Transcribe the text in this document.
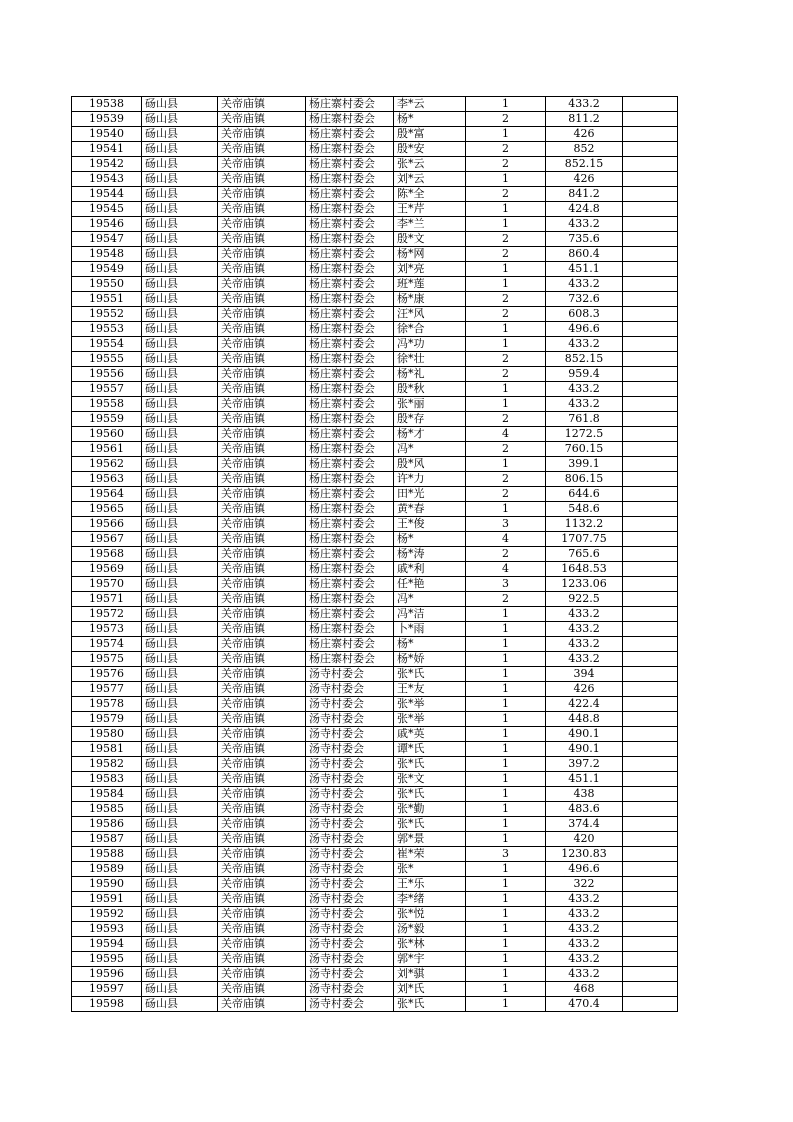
19538	砀山县	关帝庙镇	杨庄寨村委会	李*云	1	433.2	
19539	砀山县	关帝庙镇	杨庄寨村委会	杨*	2	811.2	
19540	砀山县	关帝庙镇	杨庄寨村委会	殷*富	1	426	
19541	砀山县	关帝庙镇	杨庄寨村委会	殷*安	2	852	
19542	砀山县	关帝庙镇	杨庄寨村委会	张*云	2	852.15	
19543	砀山县	关帝庙镇	杨庄寨村委会	刘*云	1	426	
19544	砀山县	关帝庙镇	杨庄寨村委会	陈*全	2	841.2	
19545	砀山县	关帝庙镇	杨庄寨村委会	王*芹	1	424.8	
19546	砀山县	关帝庙镇	杨庄寨村委会	李*兰	1	433.2	
19547	砀山县	关帝庙镇	杨庄寨村委会	殷*文	2	735.6	
19548	砀山县	关帝庙镇	杨庄寨村委会	杨*网	2	860.4	
19549	砀山县	关帝庙镇	杨庄寨村委会	刘*亮	1	451.1	
19550	砀山县	关帝庙镇	杨庄寨村委会	班*莲	1	433.2	
19551	砀山县	关帝庙镇	杨庄寨村委会	杨*康	2	732.6	
19552	砀山县	关帝庙镇	杨庄寨村委会	汪*风	2	608.3	
19553	砀山县	关帝庙镇	杨庄寨村委会	徐*合	1	496.6	
19554	砀山县	关帝庙镇	杨庄寨村委会	冯*功	1	433.2	
19555	砀山县	关帝庙镇	杨庄寨村委会	徐*壮	2	852.15	
19556	砀山县	关帝庙镇	杨庄寨村委会	杨*礼	2	959.4	
19557	砀山县	关帝庙镇	杨庄寨村委会	殷*秋	1	433.2	
19558	砀山县	关帝庙镇	杨庄寨村委会	张*丽	1	433.2	
19559	砀山县	关帝庙镇	杨庄寨村委会	殷*存	2	761.8	
19560	砀山县	关帝庙镇	杨庄寨村委会	杨*才	4	1272.5	
19561	砀山县	关帝庙镇	杨庄寨村委会	冯*	2	760.15	
19562	砀山县	关帝庙镇	杨庄寨村委会	殷*风	1	399.1	
19563	砀山县	关帝庙镇	杨庄寨村委会	许*力	2	806.15	
19564	砀山县	关帝庙镇	杨庄寨村委会	田*光	2	644.6	
19565	砀山县	关帝庙镇	杨庄寨村委会	黄*春	1	548.6	
19566	砀山县	关帝庙镇	杨庄寨村委会	王*俊	3	1132.2	
19567	砀山县	关帝庙镇	杨庄寨村委会	杨*	4	1707.75	
19568	砀山县	关帝庙镇	杨庄寨村委会	杨*涛	2	765.6	
19569	砀山县	关帝庙镇	杨庄寨村委会	戚*利	4	1648.53	
19570	砀山县	关帝庙镇	杨庄寨村委会	任*艳	3	1233.06	
19571	砀山县	关帝庙镇	杨庄寨村委会	冯*	2	922.5	
19572	砀山县	关帝庙镇	杨庄寨村委会	冯*洁	1	433.2	
19573	砀山县	关帝庙镇	杨庄寨村委会	卜*雨	1	433.2	
19574	砀山县	关帝庙镇	杨庄寨村委会	杨*	1	433.2	
19575	砀山县	关帝庙镇	杨庄寨村委会	杨*娇	1	433.2	
19576	砀山县	关帝庙镇	汤寺村委会	张*氏	1	394	
19577	砀山县	关帝庙镇	汤寺村委会	王*友	1	426	
19578	砀山县	关帝庙镇	汤寺村委会	张*举	1	422.4	
19579	砀山县	关帝庙镇	汤寺村委会	张*举	1	448.8	
19580	砀山县	关帝庙镇	汤寺村委会	戚*英	1	490.1	
19581	砀山县	关帝庙镇	汤寺村委会	谭*氏	1	490.1	
19582	砀山县	关帝庙镇	汤寺村委会	张*氏	1	397.2	
19583	砀山县	关帝庙镇	汤寺村委会	张*文	1	451.1	
19584	砀山县	关帝庙镇	汤寺村委会	张*氏	1	438	
19585	砀山县	关帝庙镇	汤寺村委会	张*勤	1	483.6	
19586	砀山县	关帝庙镇	汤寺村委会	张*氏	1	374.4	
19587	砀山县	关帝庙镇	汤寺村委会	郭*景	1	420	
19588	砀山县	关帝庙镇	汤寺村委会	崔*荣	3	1230.83	
19589	砀山县	关帝庙镇	汤寺村委会	张*	1	496.6	
19590	砀山县	关帝庙镇	汤寺村委会	王*乐	1	322	
19591	砀山县	关帝庙镇	汤寺村委会	李*绪	1	433.2	
19592	砀山县	关帝庙镇	汤寺村委会	张*悦	1	433.2	
19593	砀山县	关帝庙镇	汤寺村委会	汤*毅	1	433.2	
19594	砀山县	关帝庙镇	汤寺村委会	张*林	1	433.2	
19595	砀山县	关帝庙镇	汤寺村委会	郭*宇	1	433.2	
19596	砀山县	关帝庙镇	汤寺村委会	刘*骐	1	433.2	
19597	砀山县	关帝庙镇	汤寺村委会	刘*氏	1	468	
19598	砀山县	关帝庙镇	汤寺村委会	张*氏	1	470.4	
